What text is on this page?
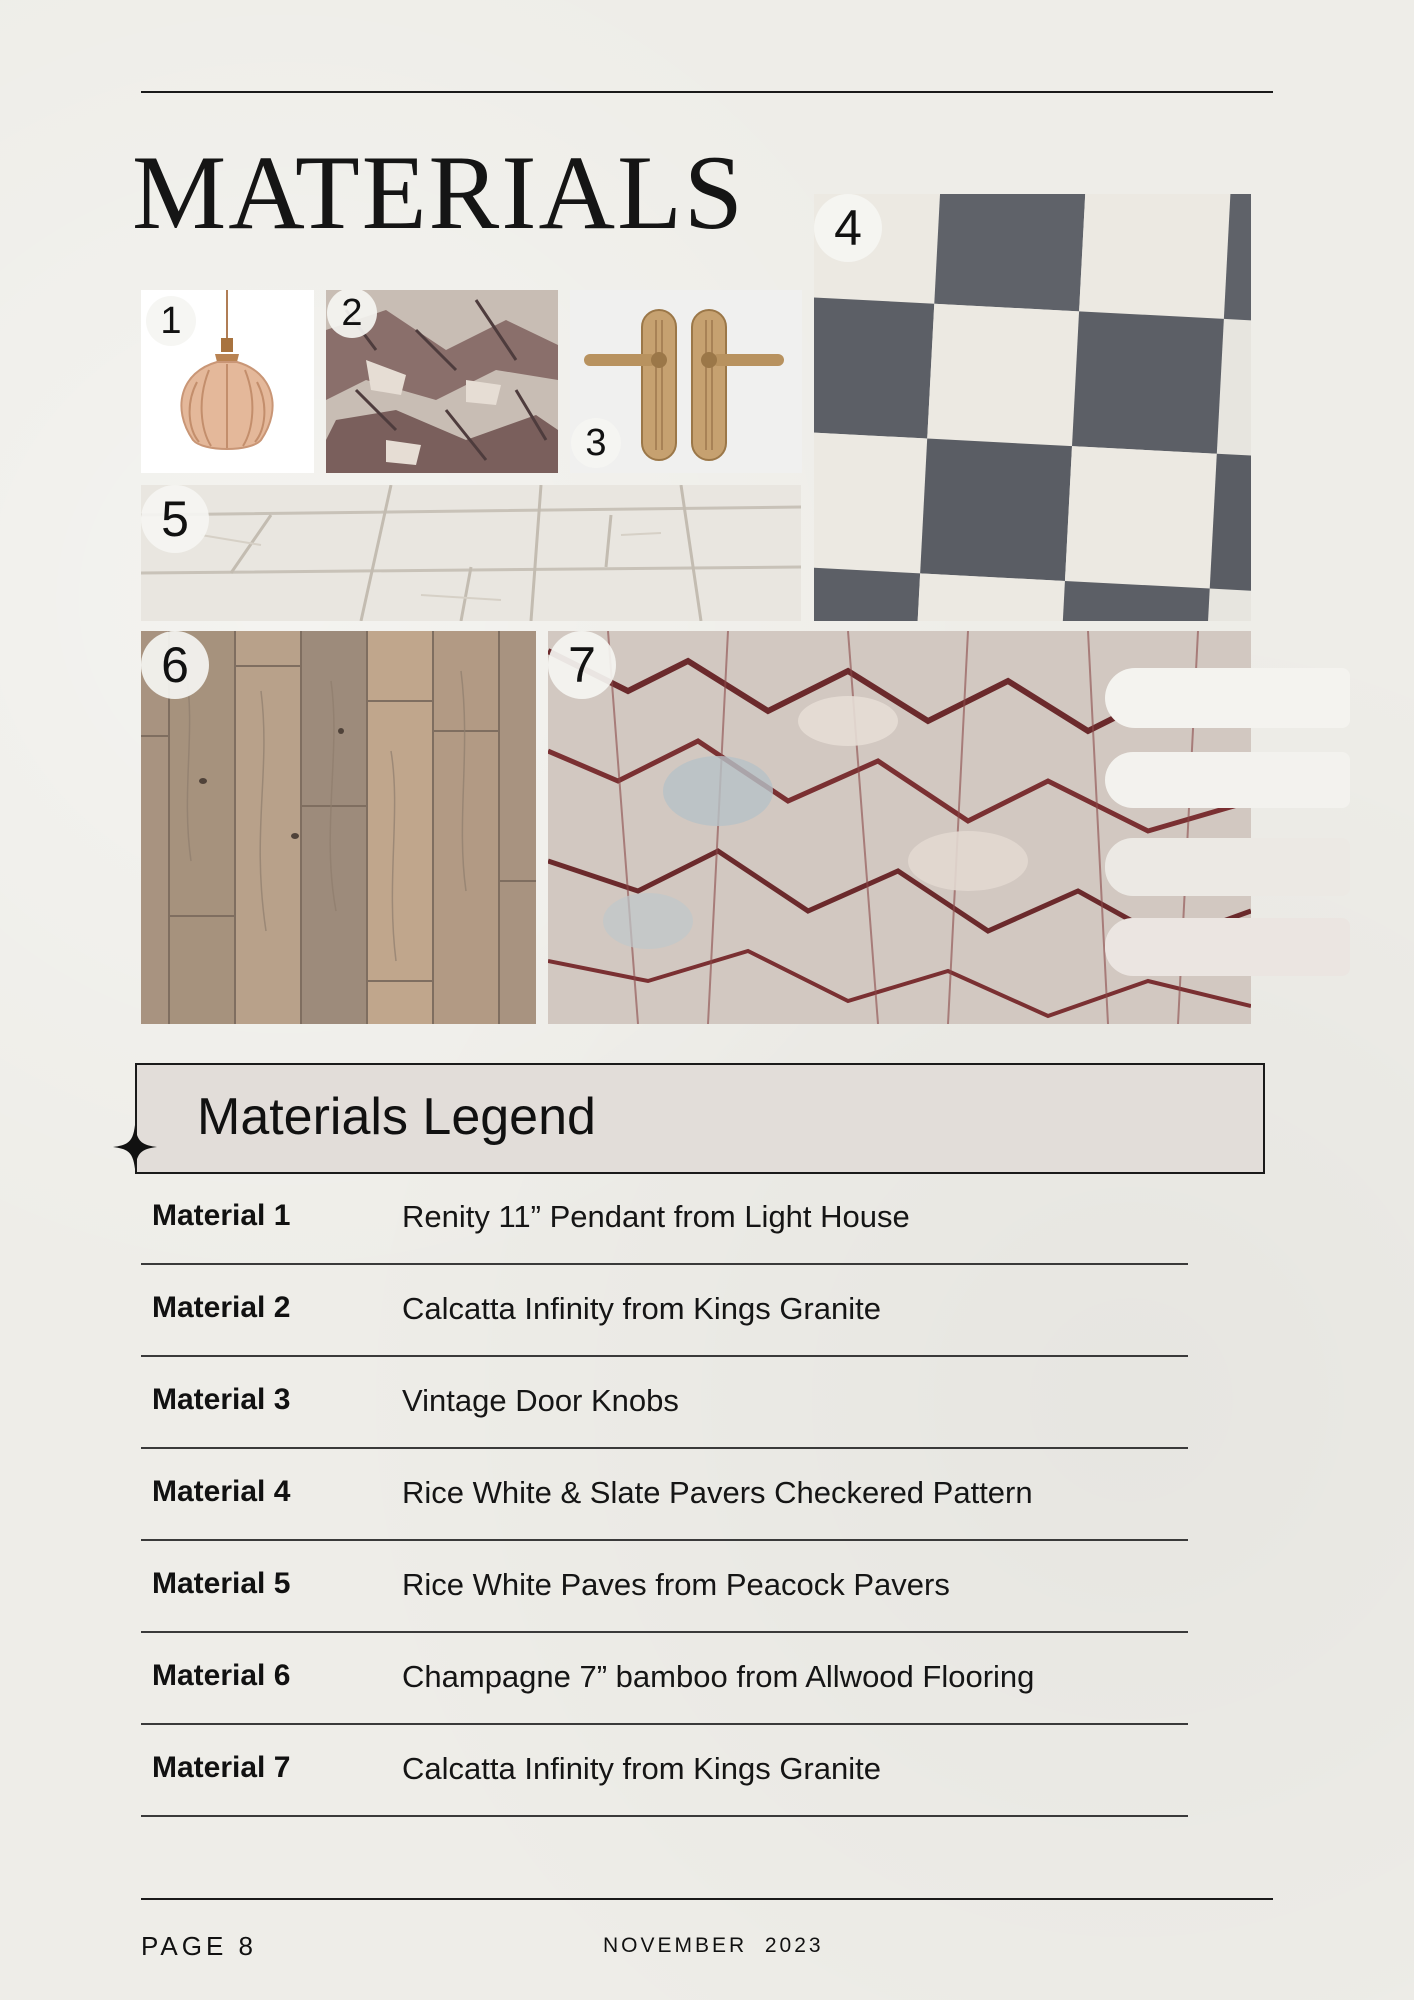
MATERIALS
1	2
3
4
5
6	7
Materials Legend
Material 1	Renity 11” Pendant from Light House
Material 2	Calcatta Infinity from Kings Granite
Material 3	Vintage Door Knobs
Material 4	Rice White & Slate Pavers Checkered Pattern
Material 5	Rice White Paves from Peacock Pavers
Material 6	Champagne 7” bamboo from Allwood Flooring
Material 7	Calcatta Infinity from Kings Granite
PAGE 8	NOVEMBER  2023
